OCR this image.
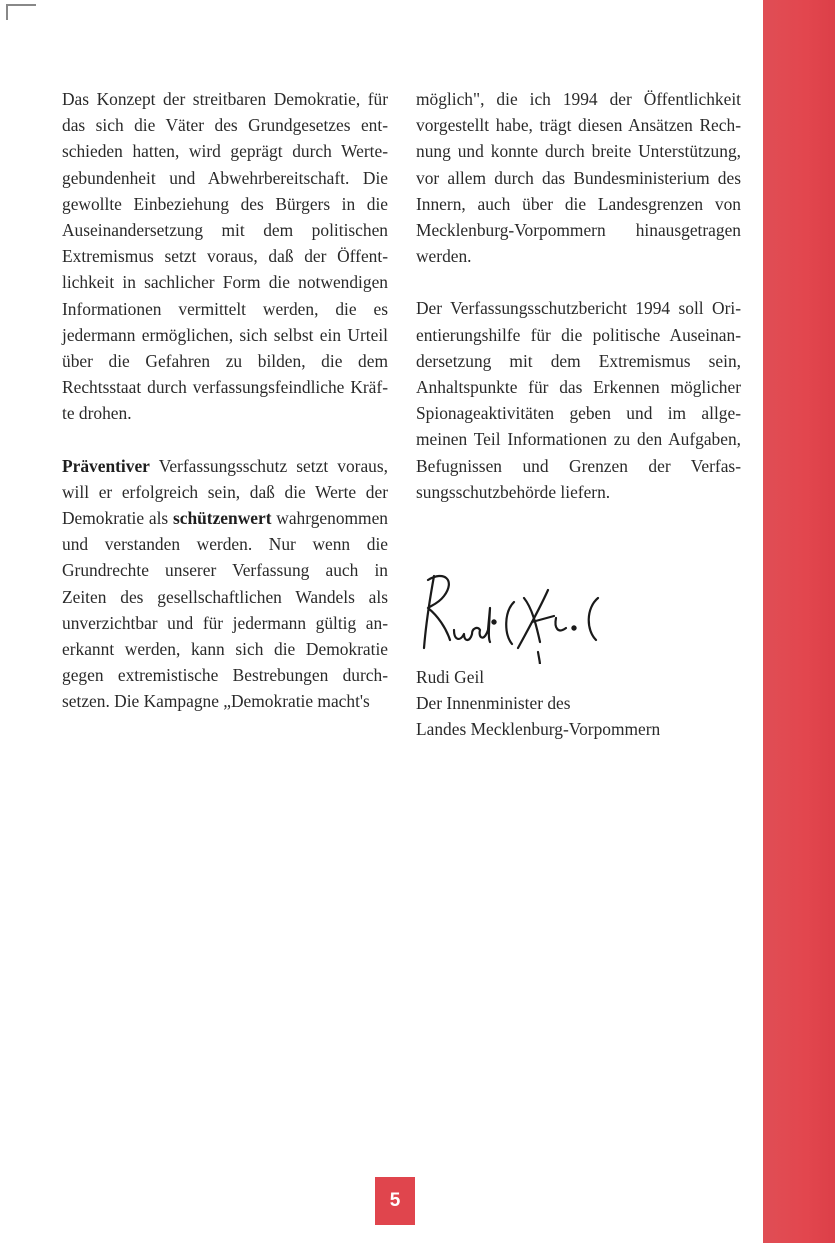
Das Konzept der streitbaren Demokratie, für das sich die Väter des Grundgesetzes entschieden hatten, wird geprägt durch Wertegebundenheit und Abwehrbereitschaft. Die gewollte Einbeziehung des Bürgers in die Auseinandersetzung mit dem politischen Extremismus setzt voraus, daß der Öffentlichkeit in sachlicher Form die notwendigen Informationen vermittelt werden, die es jedermann ermöglichen, sich selbst ein Urteil über die Gefahren zu bilden, die dem Rechtsstaat durch verfassungsfeindliche Kräfte drohen.

Präventiver Verfassungsschutz setzt voraus, will er erfolgreich sein, daß die Werte der Demokratie als schützenwert wahrgenommen und verstanden werden. Nur wenn die Grundrechte unserer Verfassung auch in Zeiten des gesellschaftlichen Wandels als unverzichtbar und für jedermann gültig anerkannt werden, kann sich die Demokratie gegen extremistische Bestrebungen durchsetzen. Die Kampagne „Demokratie macht's

möglich", die ich 1994 der Öffentlichkeit vorgestellt habe, trägt diesen Ansätzen Rechnung und konnte durch breite Unterstützung, vor allem durch das Bundesministerium des Innern, auch über die Landesgrenzen von Mecklenburg-Vorpommern hinausgetragen werden.

Der Verfassungsschutzbericht 1994 soll Orientierungshilfe für die politische Auseinandersetzung mit dem Extremismus sein, Anhaltspunkte für das Erkennen möglicher Spionageaktivitäten geben und im allgemeinen Teil Informationen zu den Aufgaben, Befugnissen und Grenzen der Verfassungsschutzbehörde liefern.

Rudi Geil
Der Innenminister des
Landes Mecklenburg-Vorpommern
5
